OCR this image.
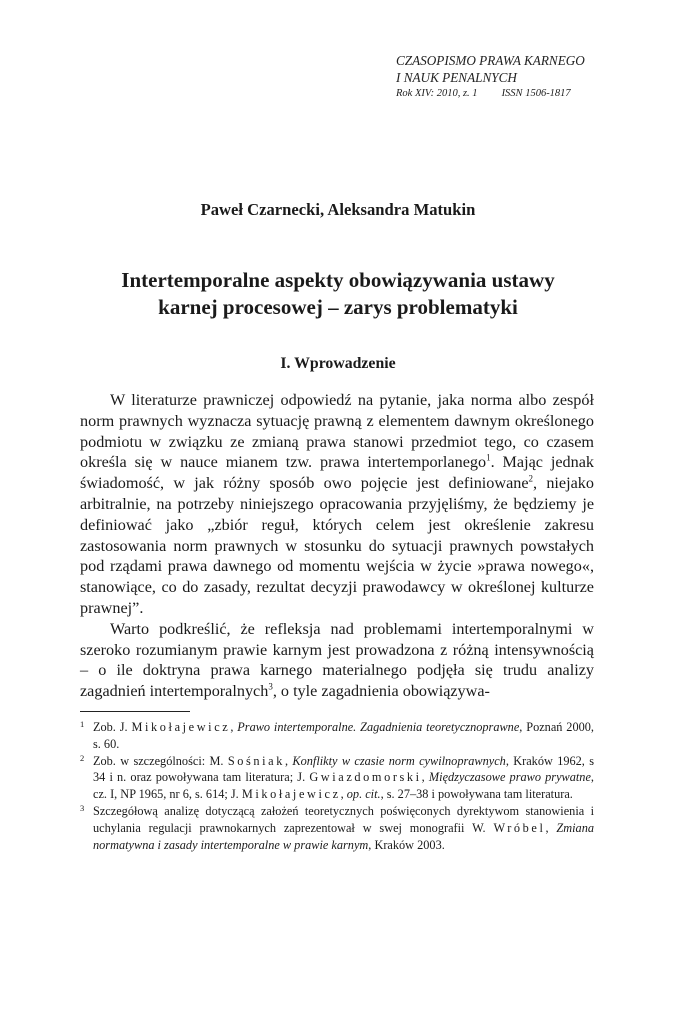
CZASOPISMO PRAWA KARNEGO
I NAUK PENALNYCH
Rok XIV: 2010, z. 1 ISSN 1506-1817
Paweł Czarnecki, Aleksandra Matukin
Intertemporalne aspekty obowiązywania ustawy
karnej procesowej – zarys problematyki
I. Wprowadzenie

W literaturze prawniczej odpowiedź na pytanie, jaka norma albo zespół norm prawnych wyznacza sytuację prawną z elementem dawnym określonego podmiotu w związku ze zmianą prawa stanowi przedmiot tego, co czasem określa się w nauce mianem tzw. prawa intertemporlanego$^1$. Mając jednak świadomość, w jak różny sposób owo pojęcie jest definiowane$^2$, niejako arbitralnie, na potrzeby niniejszego opracowania przyjęliśmy, że będziemy je definiować jako „zbiór reguł, których celem jest określenie zakresu zastosowania norm prawnych w stosunku do sytuacji prawnych powstałych pod rządami prawa dawnego od momentu wejścia w życie »prawa nowego«, stanowiące, co do zasady, rezultat decyzji prawodawcy w określonej kulturze prawnej”.

Warto podkreślić, że refleksja nad problemami intertemporalnymi w szeroko rozumianym prawie karnym jest prowadzona z różną intensywnością – o ile doktryna prawa karnego materialnego podjęła się trudu analizy zagadnień intertemporalnych$^3$, o tyle zagadnienia obowiązywa-

1 Zob. J. Mikołajewicz, Prawo intertemporalne. Zagadnienia teoretycznoprawne, Poznań 2000, s. 60.

2 Zob. w szczególności: M. Sośniak, Konflikty w czasie norm cywilnoprawnych, Kraków 1962, s 34 i n. oraz powoływana tam literatura; J. Gwiazdomorski, Międzyczasowe prawo prywatne, cz. I, NP 1965, nr 6, s. 614; J. Mikołajewicz, op. cit., s. 27–38 i powoływana tam literatura.

3 Szczegółową analizę dotyczącą założeń teoretycznych poświęconych dyrektywom stanowienia i uchylania regulacji prawnokarnych zaprezentował w swej monografii W. Wróbel, Zmiana normatywna i zasady intertemporalne w prawie karnym, Kraków 2003.
